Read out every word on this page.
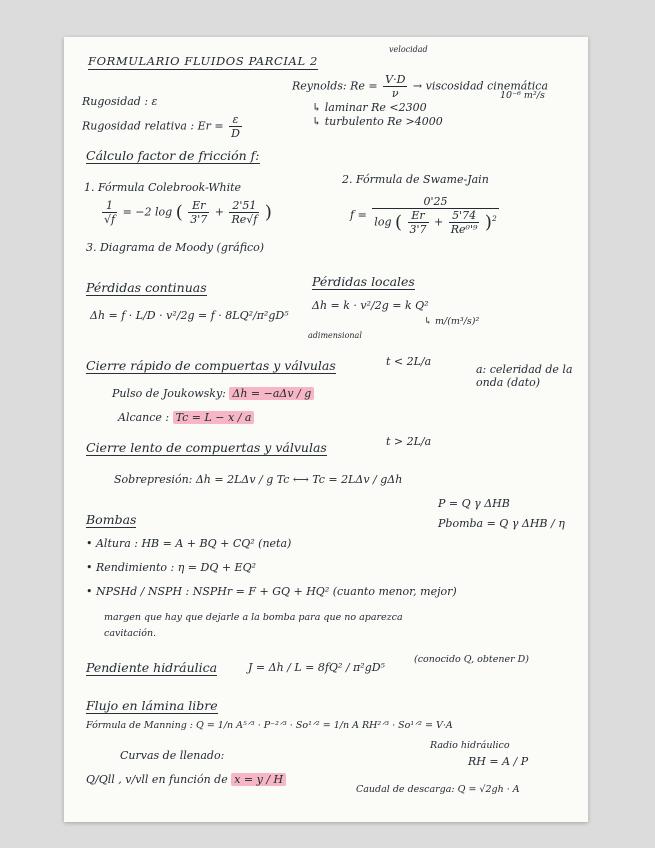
FORMULARIO FLUIDOS PARCIAL 2
velocidad
Reynolds: $Re = \frac{V\cdot D}{\nu}$ → viscosidad cinemática
10⁻⁶ m²/s
↳ laminar Re <2300
↳ turbulento Re >4000
Rugosidad : ε
Rugosidad relativa : $Er = \frac{\varepsilon}{D}$
Cálculo factor de fricción f:
1. Fórmula Colebrook-White
$\frac{1}{√f} = -2$ log ( $\frac{Er}{3'7} + \frac{2'51}{Re√f}$ )
2. Fórmula de Swame-Jain
f =
0'25
log ( $\frac{Er}{3'7} + \frac{5'74}{\text{Re⁰'⁹}} )^2$
3. Diagrama de Moody (gráfico)
Pérdidas continuas
Δh = f · L/D · v²/2g = f · 8LQ²/π²gD⁵
Pérdidas locales
Δh = k · v²/2g = k Q²
adimensional
↳ m/(m³/s)²
Cierre rápido de compuertas y válvulas	t < 2L/a
a: celeridad de la onda (dato)
Pulso de Joukowsky: Δh = −aΔv / g
Alcance : Tc = L − x / a
Cierre lento de compuertas y válvulas	t > 2L/a
Sobrepresión: Δh = 2LΔv / g Tc ⟷ Tc = 2LΔv / gΔh
Bombas
P = Q γ ΔHB
Pbomba = Q γ ΔHB / η
• Altura : HB = A + BQ + CQ² (neta)
• Rendimiento : η = DQ + EQ²
• NPSHd / NSPH : NSPHr = F + GQ + HQ² (cuanto menor, mejor)
margen que hay que dejarle a la bomba para que no aparezca
cavitación.
Pendiente hidráulica	J = Δh / L = 8fQ² / π²gD⁵
(conocido Q, obtener D)
Flujo en lámina libre
Fórmula de Manning : Q = 1/n A⁵ᐟ³ · P⁻²ᐟ³ · So¹ᐟ² = 1/n A RH²ᐟ³ · So¹ᐟ² = V·A
Radio hidráulico
RH = A / P
Curvas de llenado:
Q/Qll , v/vll en función de x = y / H
Caudal de descarga: Q = √2gh · A
